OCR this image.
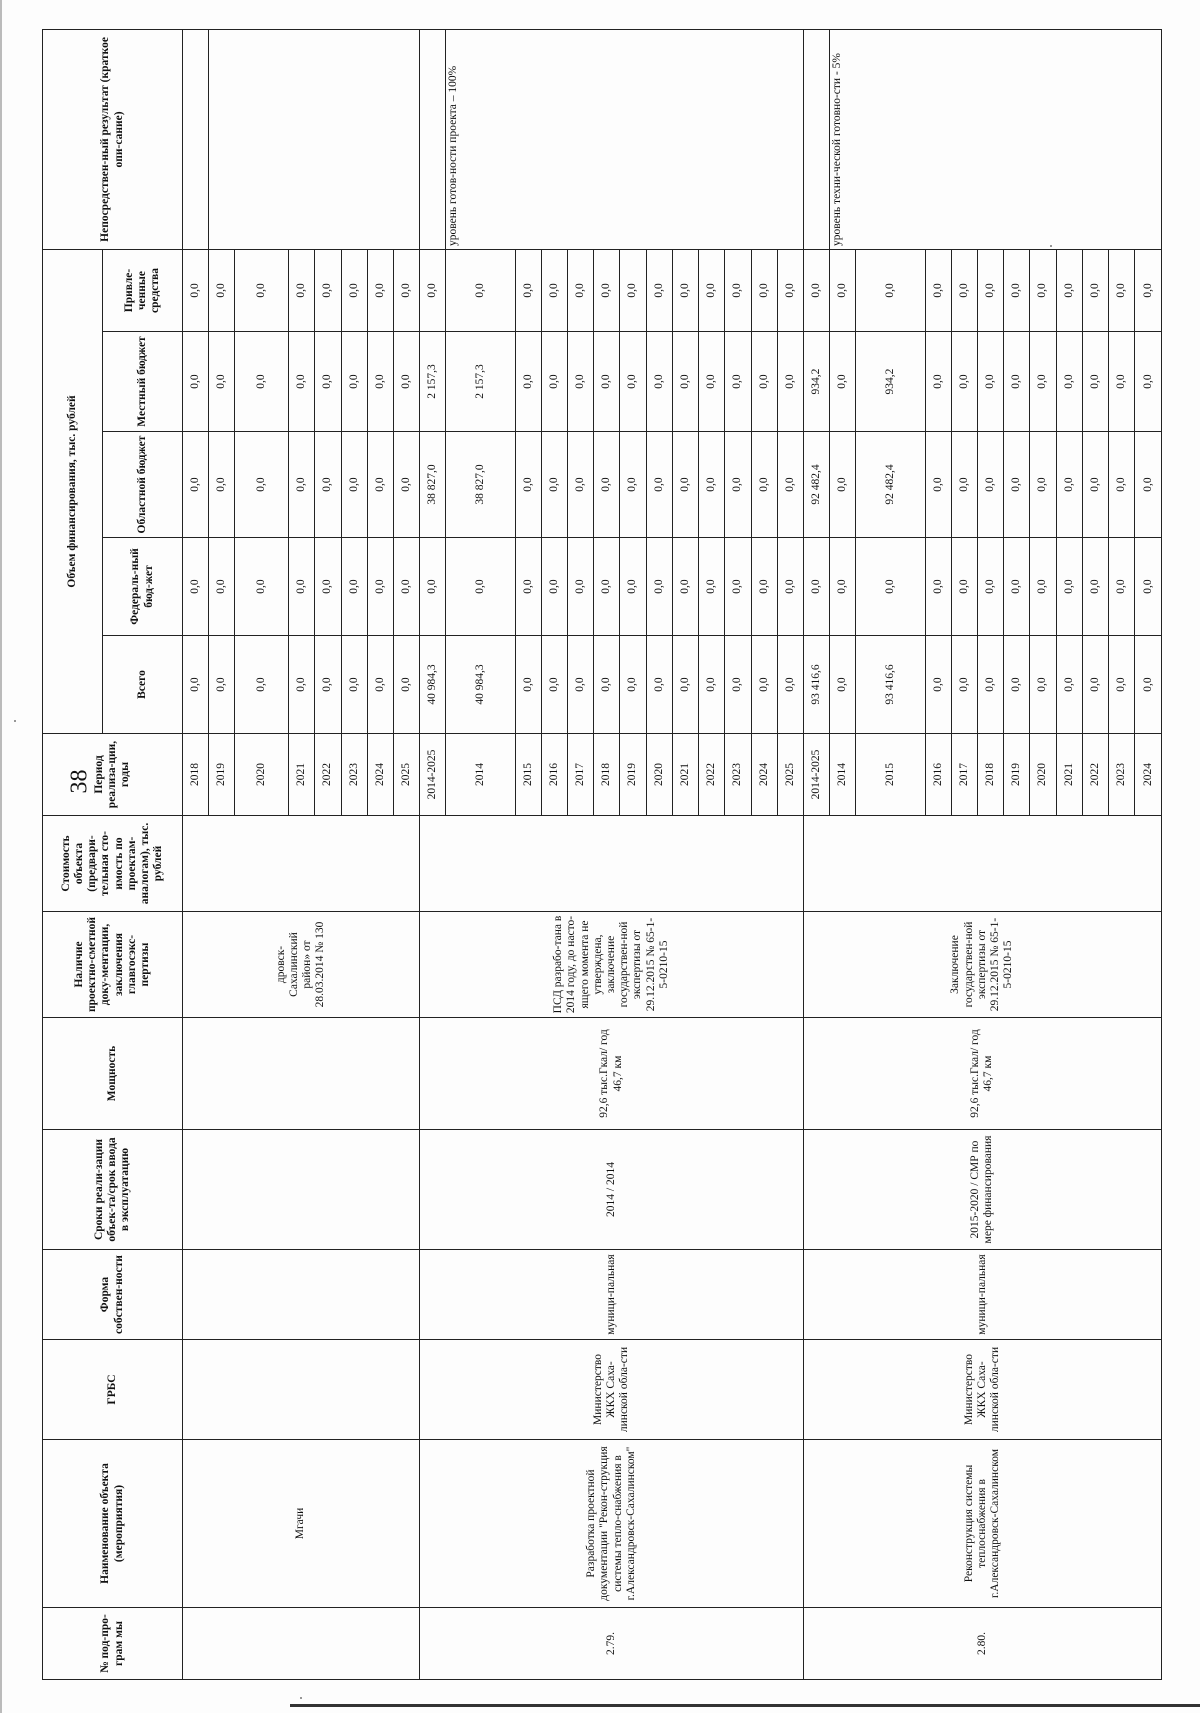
38
№ под-про-грам мы	Наименование объекта (мероприятия)	ГРБС	Форма собствен-ности	Сроки реали-зации объек-та/срок ввода в эксплуатацию	Мощность	Наличие проектно-сметной доку-ментации, заключения главгосэкс-пертизы	Стоимость объекта (предвари-тельная сто-имость по проектам-аналогам), тыс. рублей	Период реализа-ции, годы	Объем финансирования, тыс. рублей					Непосредствен-ный результат (краткое опи-сание)
									Всего	Федераль-ный бюд-жет	Областной бюджет	Местный бюджет	Привле-ченные средства	
	Мгачи					дровск-Сахалинский район» от 28.03.2014 № 130		2018	0,0	0,0	0,0	0,0	0,0	
								2019	0,0	0,0	0,0	0,0	0,0	
								2020	0,0	0,0	0,0	0,0	0,0	
								2021	0,0	0,0	0,0	0,0	0,0	
								2022	0,0	0,0	0,0	0,0	0,0	
								2023	0,0	0,0	0,0	0,0	0,0	
								2024	0,0	0,0	0,0	0,0	0,0	
								2025	0,0	0,0	0,0	0,0	0,0	
2.79.	Разработка проектной документации "Рекон-струкция системы тепло-снабжения в г.Александровск-Сахалинском"	Министерство ЖКХ Саха-линской обла-сти	муници-пальная	2014 / 2014	92,6 тыс.Гкал/ год 46,7 км	ПСД разрабо-тана в 2014 году, до насто-ящего момента не утверждена, заключение государствен-ной экспертизы от 29.12.2015 № 65-1-5-0210-15		2014-2025	40 984,3	0,0	38 827,0	2 157,3	0,0	
								2014	40 984,3	0,0	38 827,0	2 157,3	0,0	уровень готов-ности проекта – 100%
								2015	0,0	0,0	0,0	0,0	0,0	
								2016	0,0	0,0	0,0	0,0	0,0	
								2017	0,0	0,0	0,0	0,0	0,0	
								2018	0,0	0,0	0,0	0,0	0,0	
								2019	0,0	0,0	0,0	0,0	0,0	
								2020	0,0	0,0	0,0	0,0	0,0	
								2021	0,0	0,0	0,0	0,0	0,0	
								2022	0,0	0,0	0,0	0,0	0,0	
								2023	0,0	0,0	0,0	0,0	0,0	
								2024	0,0	0,0	0,0	0,0	0,0	
								2025	0,0	0,0	0,0	0,0	0,0	
2.80.	Реконструкция системы теплоснабжения в г.Александровск-Сахалинском	Министерство ЖКХ Саха-линской обла-сти	муници-пальная	2015-2020 / СМР по мере финансирования	92,6 тыс.Гкал/ год 46,7 км	Заключение государствен-ной экспертизы от 29.12.2015 № 65-1-5-0210-15		2014-2025	93 416,6	0,0	92 482,4	934,2	0,0	
								2014	0,0	0,0	0,0	0,0	0,0	уровень техни-ческой готовно-сти - 5%
								2015	93 416,6	0,0	92 482,4	934,2	0,0	
								2016	0,0	0,0	0,0	0,0	0,0	
								2017	0,0	0,0	0,0	0,0	0,0	
								2018	0,0	0,0	0,0	0,0	0,0	
								2019	0,0	0,0	0,0	0,0	0,0	
								2020	0,0	0,0	0,0	0,0	0,0	
								2021	0,0	0,0	0,0	0,0	0,0	
								2022	0,0	0,0	0,0	0,0	0,0	
								2023	0,0	0,0	0,0	0,0	0,0	
								2024	0,0	0,0	0,0	0,0	0,0	
